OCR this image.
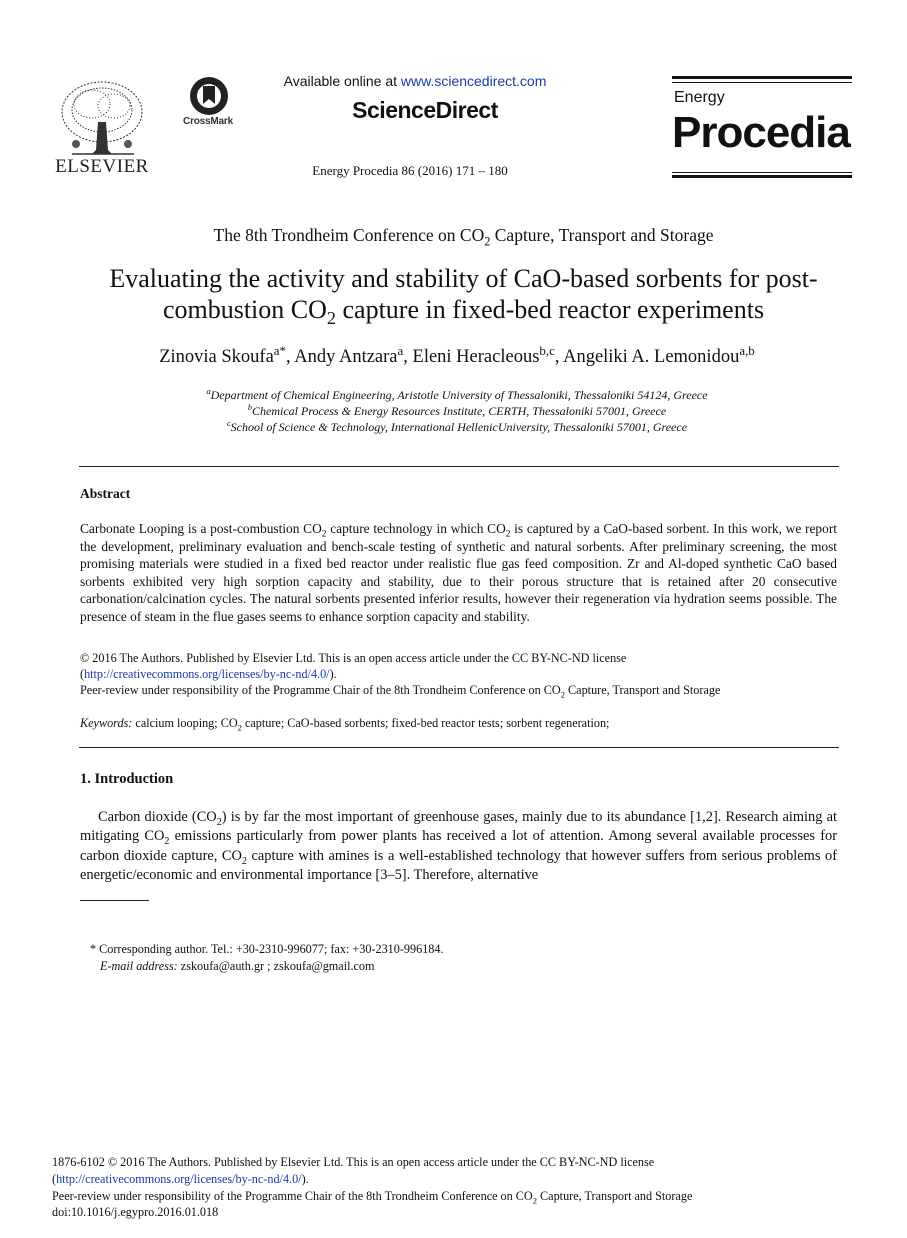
ELSEVIER
CrossMark
Available online at www.sciencedirect.com
ScienceDirect
Energy Procedia 86 (2016) 171 – 180
Energy
Procedia
The 8th Trondheim Conference on $CO_2$ Capture, Transport and Storage
Evaluating the activity and stability of CaO-based sorbents for post-combustion $CO_2$ capture in fixed-bed reactor experiments
Zinovia Skoufa$^{a*}$, Andy Antzara$^a$, Eleni Heracleous$^{b,c}$, Angeliki A. Lemonidou$^{a,b}$
$^a$Department of Chemical Engineering, Aristotle University of Thessaloniki, Thessaloniki 54124, Greece
$^b$Chemical Process & Energy Resources Institute, CERTH, Thessaloniki 57001, Greece
$^c$School of Science & Technology, International HellenicUniversity, Thessaloniki 57001, Greece
Abstract
Carbonate Looping is a post-combustion $CO_2$ capture technology in which $CO_2$ is captured by a CaO-based sorbent. In this work, we report the development, preliminary evaluation and bench-scale testing of synthetic and natural sorbents. After preliminary screening, the most promising materials were studied in a fixed bed reactor under realistic flue gas feed composition. Zr and Al-doped synthetic CaO based sorbents exhibited very high sorption capacity and stability, due to their porous structure that is retained after 20 consecutive carbonation/calcination cycles. The natural sorbents presented inferior results, however their regeneration via hydration seems possible. The presence of steam in the flue gases seems to enhance sorption capacity and stability.
© 2016 The Authors. Published by Elsevier Ltd. This is an open access article under the CC BY-NC-ND license
(http://creativecommons.org/licenses/by-nc-nd/4.0/).
Peer-review under responsibility of the Programme Chair of the 8th Trondheim Conference on $CO_2$ Capture, Transport and Storage
Keywords: calcium looping; $CO_2$ capture; CaO-based sorbents; fixed-bed reactor tests; sorbent regeneration;
1. Introduction
Carbon dioxide $(CO_2)$ is by far the most important of greenhouse gases, mainly due to its abundance [1,2]. Research aiming at mitigating $CO_2$ emissions particularly from power plants has received a lot of attention. Among several available processes for carbon dioxide capture, $CO_2$ capture with amines is a well-established technology that however suffers from serious problems of energetic/economic and environmental importance [3–5]. Therefore, alternative
* Corresponding author. Tel.: +30-2310-996077; fax: +30-2310-996184.
E-mail address: zskoufa@auth.gr ; zskoufa@gmail.com
1876-6102 © 2016 The Authors. Published by Elsevier Ltd. This is an open access article under the CC BY-NC-ND license
(http://creativecommons.org/licenses/by-nc-nd/4.0/).
Peer-review under responsibility of the Programme Chair of the 8th Trondheim Conference on $CO_2$ Capture, Transport and Storage
doi:10.1016/j.egypro.2016.01.018
